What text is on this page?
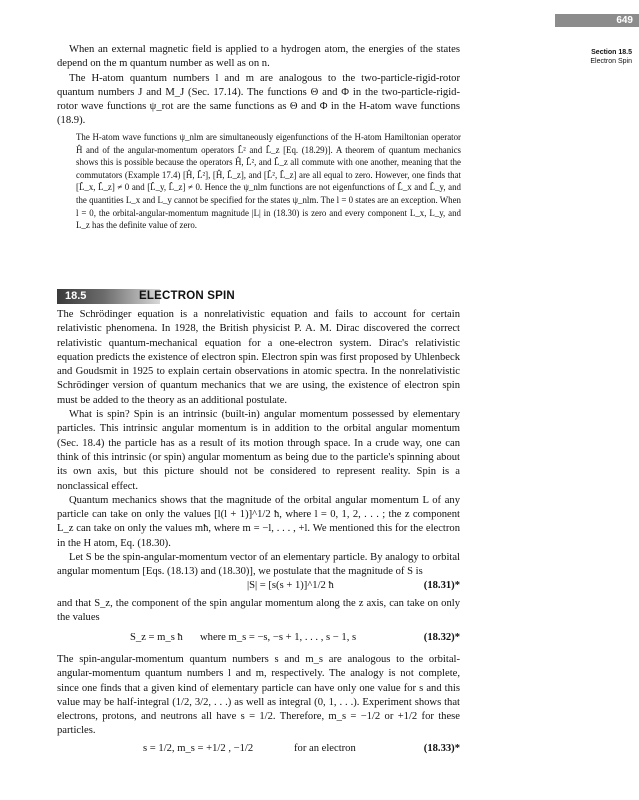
649
Section 18.5
Electron Spin

When an external magnetic field is applied to a hydrogen atom, the energies of the states depend on the m quantum number as well as on n.

The H-atom quantum numbers l and m are analogous to the two-particle-rigid-rotor quantum numbers J and M_J (Sec. 17.14). The functions Θ and Φ in the two-particle-rigid-rotor wave functions ψ_rot are the same functions as Θ and Φ in the H-atom wave functions (18.9).

The H-atom wave functions ψ_nlm are simultaneously eigenfunctions of the H-atom Hamiltonian operator Ĥ and of the angular-momentum operators L̂² and L̂_z [Eq. (18.29)]. A theorem of quantum mechanics shows this is possible because the operators Ĥ, L̂², and L̂_z all commute with one another, meaning that the commutators (Example 17.4) [Ĥ, L̂²], [Ĥ, L̂_z], and [L̂², L̂_z] are all equal to zero. However, one finds that [L̂_x, L̂_z] ≠ 0 and [L̂_y, L̂_z] ≠ 0. Hence the ψ_nlm functions are not eigenfunctions of L̂_x and L̂_y, and the quantities L_x and L_y cannot be specified for the states ψ_nlm. The l = 0 states are an exception. When l = 0, the orbital-angular-momentum magnitude |L| in (18.30) is zero and every component L_x, L_y, and L_z has the definite value of zero.

18.5	ELECTRON SPIN

The Schrödinger equation is a nonrelativistic equation and fails to account for certain relativistic phenomena. In 1928, the British physicist P. A. M. Dirac discovered the correct relativistic quantum-mechanical equation for a one-electron system. Dirac's relativistic equation predicts the existence of electron spin. Electron spin was first proposed by Uhlenbeck and Goudsmit in 1925 to explain certain observations in atomic spectra. In the nonrelativistic Schrödinger version of quantum mechanics that we are using, the existence of electron spin must be added to the theory as an additional postulate.

What is spin? Spin is an intrinsic (built-in) angular momentum possessed by elementary particles. This intrinsic angular momentum is in addition to the orbital angular momentum (Sec. 18.4) the particle has as a result of its motion through space. In a crude way, one can think of this intrinsic (or spin) angular momentum as being due to the particle's spinning about its own axis, but this picture should not be considered to represent reality. Spin is a nonclassical effect.

Quantum mechanics shows that the magnitude of the orbital angular momentum L of any particle can take on only the values [l(l + 1)]^1/2 ħ, where l = 0, 1, 2, . . . ; the z component L_z can take on only the values mħ, where m = −l, . . . , +l. We mentioned this for the electron in the H atom, Eq. (18.30).

Let S be the spin-angular-momentum vector of an elementary particle. By analogy to orbital angular momentum [Eqs. (18.13) and (18.30)], we postulate that the magnitude of S is

|S| = [s(s + 1)]^1/2 ħ	(18.31)*

and that S_z, the component of the spin angular momentum along the z axis, can take on only the values

S_z = m_s ħ where m_s = −s, −s + 1, . . . , s − 1, s	(18.32)*

The spin-angular-momentum quantum numbers s and m_s are analogous to the orbital-angular-momentum quantum numbers l and m, respectively. The analogy is not complete, since one finds that a given kind of elementary particle can have only one value for s and this value may be half-integral (1/2, 3/2, . . .) as well as integral (0, 1, . . .). Experiment shows that electrons, protons, and neutrons all have s = 1/2. Therefore, m_s = −1/2 or +1/2 for these particles.

s = 1/2, m_s = +1/2 , −1/2	for an electron	(18.33)*
